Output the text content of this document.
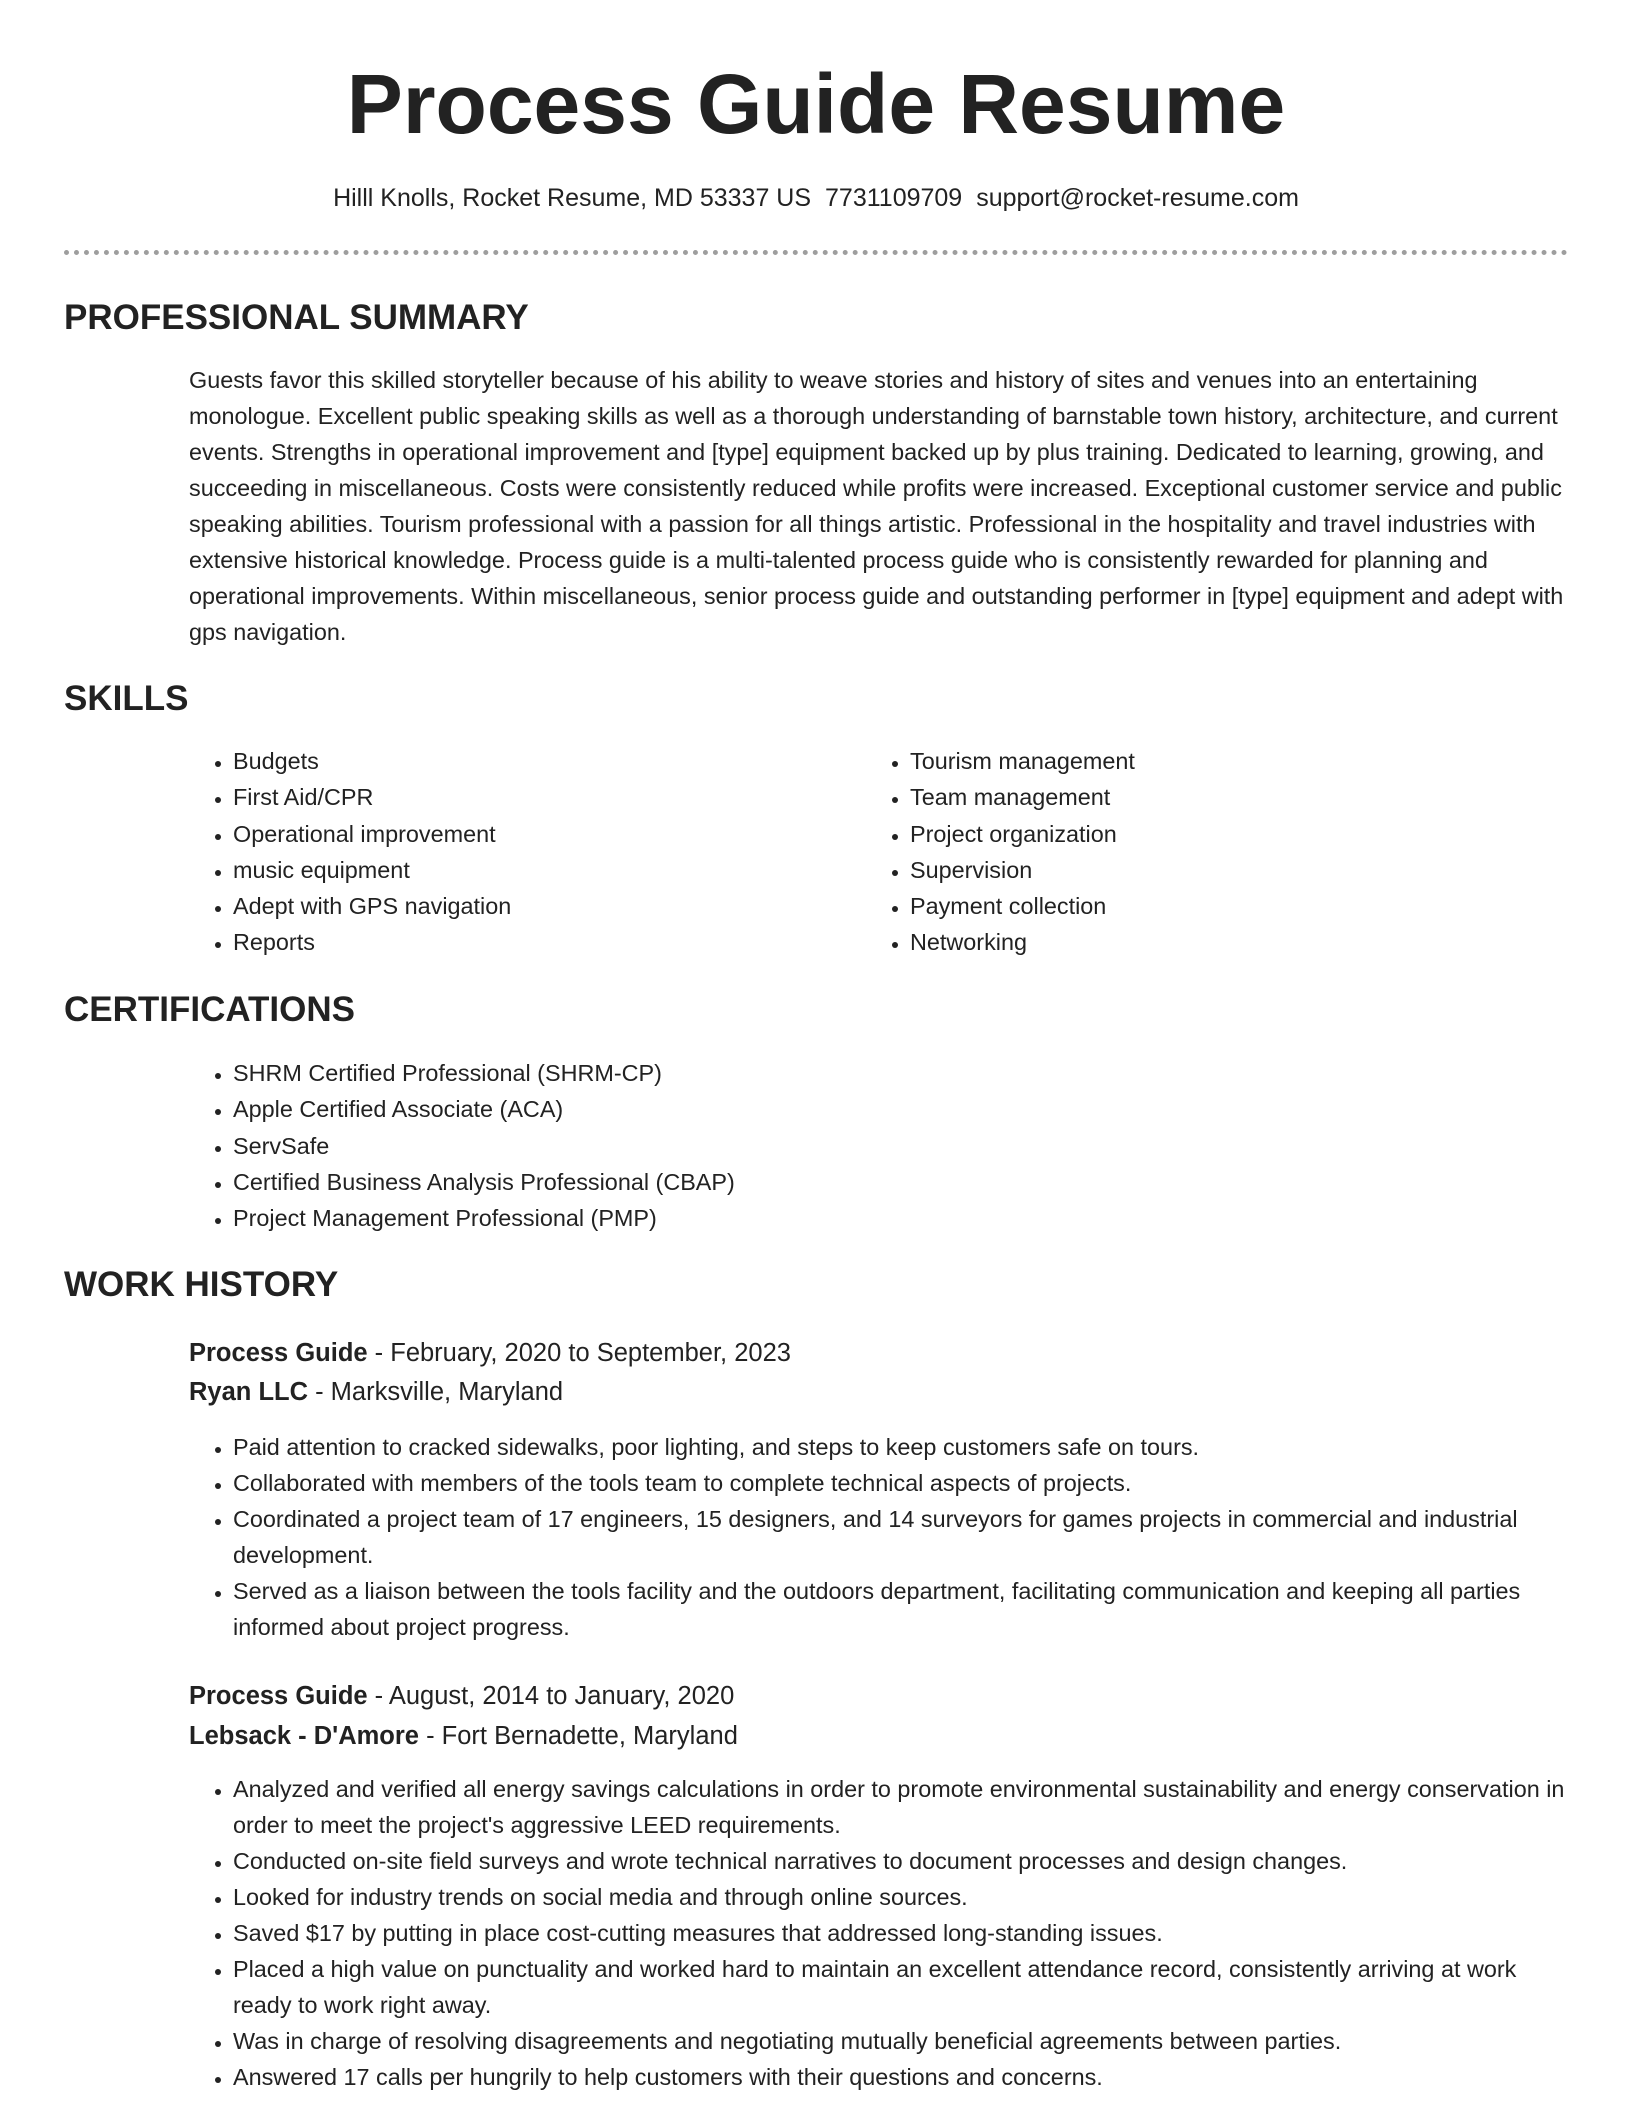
Process Guide Resume
Hilll Knolls, Rocket Resume, MD 53337 US 7731109709 support@rocket-resume.com
PROFESSIONAL SUMMARY

Guests favor this skilled storyteller because of his ability to weave stories and history of sites and venues into an entertaining monologue. Excellent public speaking skills as well as a thorough understanding of barnstable town history, architecture, and current events. Strengths in operational improvement and [type] equipment backed up by plus training. Dedicated to learning, growing, and succeeding in miscellaneous. Costs were consistently reduced while profits were increased. Exceptional customer service and public speaking abilities. Tourism professional with a passion for all things artistic. Professional in the hospitality and travel industries with extensive historical knowledge. Process guide is a multi-talented process guide who is consistently rewarded for planning and operational improvements. Within miscellaneous, senior process guide and outstanding performer in [type] equipment and adept with gps navigation.

SKILLS
• Budgets
• First Aid/CPR
• Operational improvement
• music equipment
• Adept with GPS navigation
• Reports
• Tourism management
• Team management
• Project organization
• Supervision
• Payment collection
• Networking
CERTIFICATIONS
• SHRM Certified Professional (SHRM-CP)
• Apple Certified Associate (ACA)
• ServSafe
• Certified Business Analysis Professional (CBAP)
• Project Management Professional (PMP)
WORK HISTORY
Process Guide - February, 2020 to September, 2023
Ryan LLC - Marksville, Maryland
• Paid attention to cracked sidewalks, poor lighting, and steps to keep customers safe on tours.
• Collaborated with members of the tools team to complete technical aspects of projects.
• Coordinated a project team of 17 engineers, 15 designers, and 14 surveyors for games projects in commercial and industrial development.
• Served as a liaison between the tools facility and the outdoors department, facilitating communication and keeping all parties informed about project progress.
Process Guide - August, 2014 to January, 2020
Lebsack - D'Amore - Fort Bernadette, Maryland
• Analyzed and verified all energy savings calculations in order to promote environmental sustainability and energy conservation in order to meet the project's aggressive LEED requirements.
• Conducted on-site field surveys and wrote technical narratives to document processes and design changes.
• Looked for industry trends on social media and through online sources.
• Saved $17 by putting in place cost-cutting measures that addressed long-standing issues.
• Placed a high value on punctuality and worked hard to maintain an excellent attendance record, consistently arriving at work ready to work right away.
• Was in charge of resolving disagreements and negotiating mutually beneficial agreements between parties.
• Answered 17 calls per hungrily to help customers with their questions and concerns.
